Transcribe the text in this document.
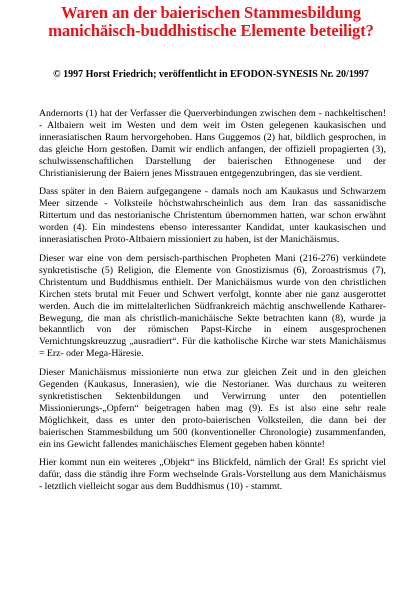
Waren an der baierischen Stammesbildung manichäisch-buddhistische Elemente beteiligt?
© 1997 Horst Friedrich; veröffentlicht in EFODON-SYNESIS Nr. 20/1997

Andernorts (1) hat der Verfasser die Querverbindungen zwischen dem - nachkeltischen! - Altbaiern weit im Westen und dem weit im Osten gelegenen kaukasischen und innerasiatischen Raum hervorgehoben. Hans Guggemos (2) hat, bildlich gesprochen, in das gleiche Horn gestoßen. Damit wir endlich anfangen, der offiziell propagierten (3), schulwissenschaftlichen Darstellung der baierischen Ethnogenese und der Christianisierung der Baiern jenes Misstrauen entgegenzubringen, das sie verdient.

Dass später in den Baiern aufgegangene - damals noch am Kaukasus und Schwarzem Meer sitzende - Volksteile höchstwahrscheinlich aus dem Iran das sassanidische Rittertum und das nestorianische Christentum übernommen hatten, war schon erwähnt worden (4). Ein mindestens ebenso interessanter Kandidat, unter kaukasischen und innerasiatischen Proto-Altbaiern missioniert zu haben, ist der Manichäismus.

Dieser war eine von dem persisch-parthischen Propheten Mani (216-276) verkündete synkretistische (5) Religion, die Elemente von Gnostizismus (6), Zoroastrismus (7), Christentum und Buddhismus enthielt. Der Manichäismus wurde von den christlichen Kirchen stets brutal mit Feuer und Schwert verfolgt, konnte aber nie ganz ausgerottet werden. Auch die im mittelalterlichen Südfrankreich mächtig anschwellende Katharer-Bewegung, die man als christlich-manichäische Sekte betrachten kann (8), wurde ja bekanntlich von der römischen Papst-Kirche in einem ausgesprochenen Vernichtungskreuzzug „ausradiert“. Für die katholische Kirche war stets Manichäismus = Erz- oder Mega-Häresie.

Dieser Manichäismus missionierte nun etwa zur gleichen Zeit und in den gleichen Gegenden (Kaukasus, Innerasien), wie die Nestorianer. Was durchaus zu weiteren synkretistischen Sektenbildungen und Verwirrung unter den potentiellen Missionierungs-„Opfern“ beigetragen haben mag (9). Es ist also eine sehr reale Möglichkeit, dass es unter den proto-baierischen Volksteilen, die dann bei der baierischen Stammesbildung um 500 (konventioneller Chronologie) zusammenfanden, ein ins Gewicht fallendes manichäisches Element gegeben haben könnte!

Hier kommt nun ein weiteres „Objekt“ ins Blickfeld, nämlich der Gral! Es spricht viel dafür, dass die ständig ihre Form wechselnde Grals-Vorstellung aus dem Manichäismus - letztlich vielleicht sogar aus dem Buddhismus (10) - stammt.
